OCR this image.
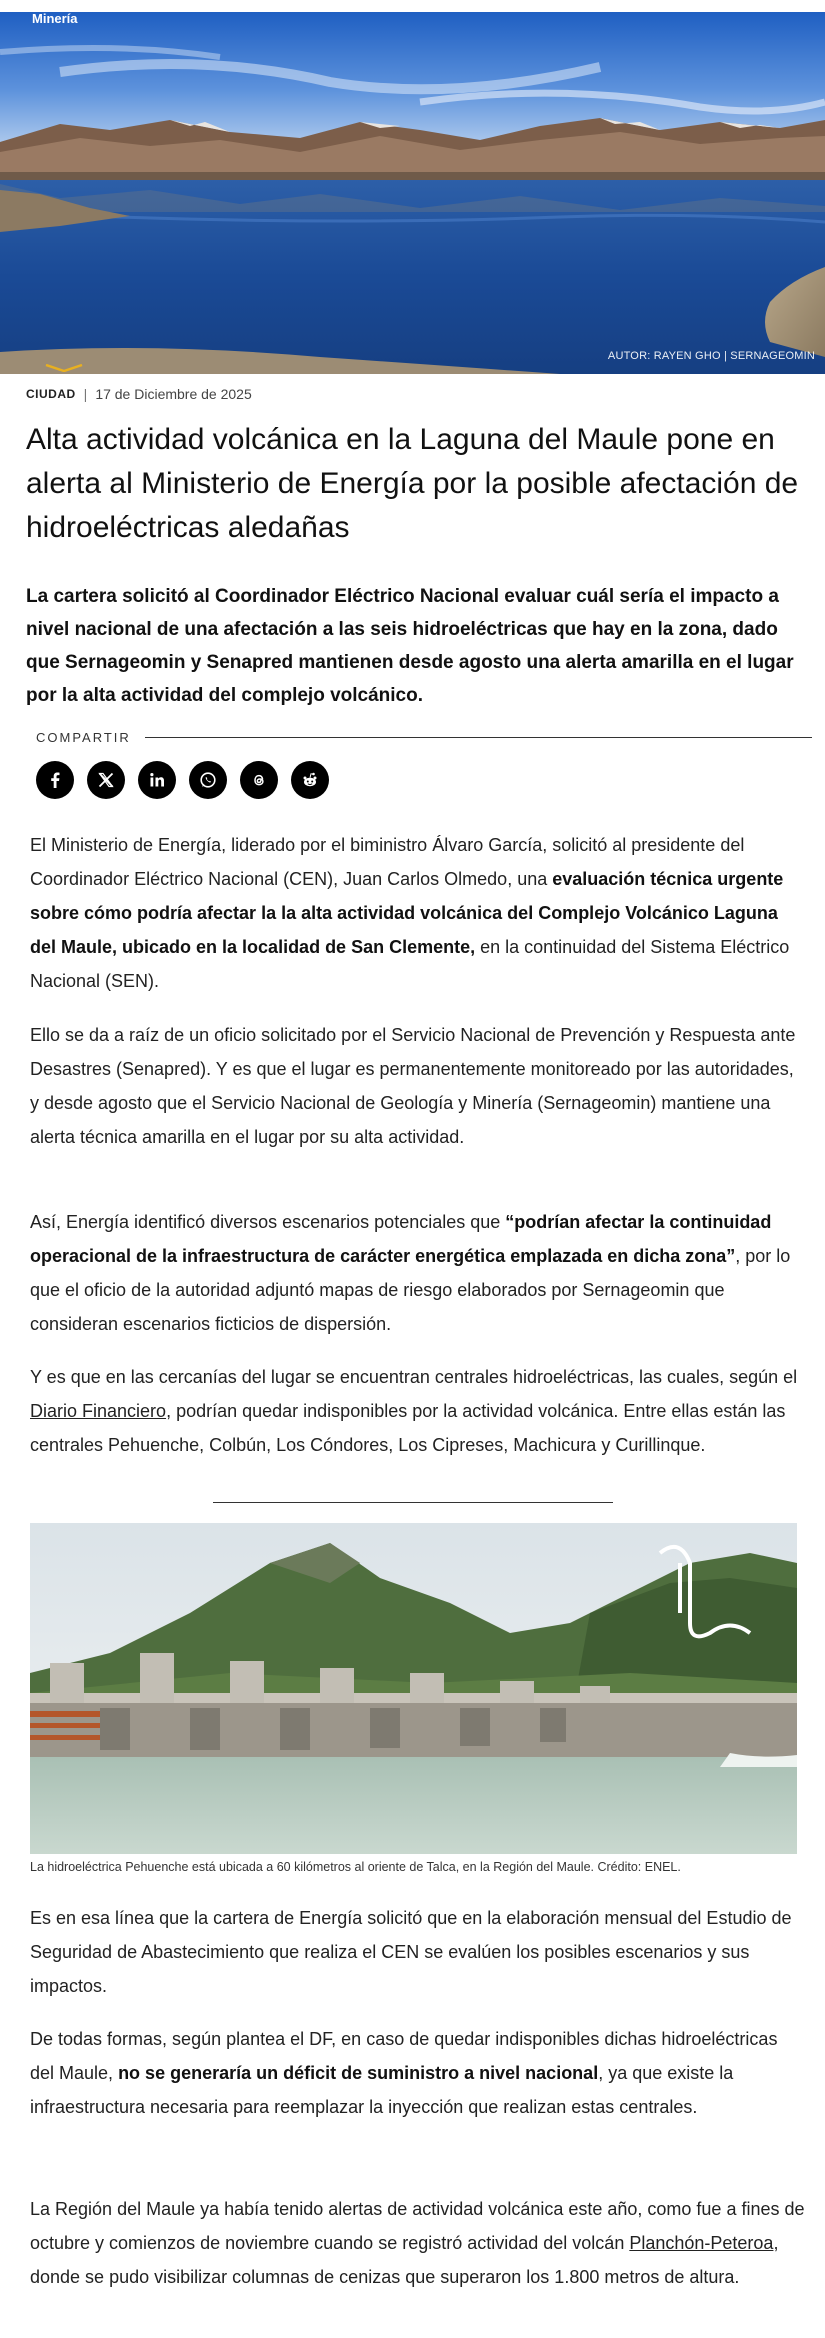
Minería
AUTOR: RAYEN GHO | SERNAGEOMIN
CIUDAD | 17 de Diciembre de 2025
Alta actividad volcánica en la Laguna del Maule pone en alerta al Ministerio de Energía por la posible afectación de hidroeléctricas aledañas

La cartera solicitó al Coordinador Eléctrico Nacional evaluar cuál sería el impacto a nivel nacional de una afectación a las seis hidroeléctricas que hay en la zona, dado que Sernageomin y Senapred mantienen desde agosto una alerta amarilla en el lugar por la alta actividad del complejo volcánico.

COMPARTIR

El Ministerio de Energía, liderado por el biministro Álvaro García, solicitó al presidente del Coordinador Eléctrico Nacional (CEN), Juan Carlos Olmedo, una evaluación técnica urgente sobre cómo podría afectar la la alta actividad volcánica del Complejo Volcánico Laguna del Maule, ubicado en la localidad de San Clemente, en la continuidad del Sistema Eléctrico Nacional (SEN).

Ello se da a raíz de un oficio solicitado por el Servicio Nacional de Prevención y Respuesta ante Desastres (Senapred). Y es que el lugar es permanentemente monitoreado por las autoridades, y desde agosto que el Servicio Nacional de Geología y Minería (Sernageomin) mantiene una alerta técnica amarilla en el lugar por su alta actividad.

Así, Energía identificó diversos escenarios potenciales que “podrían afectar la continuidad operacional de la infraestructura de carácter energética emplazada en dicha zona”, por lo que el oficio de la autoridad adjuntó mapas de riesgo elaborados por Sernageomin que consideran escenarios ficticios de dispersión.

Y es que en las cercanías del lugar se encuentran centrales hidroeléctricas, las cuales, según el Diario Financiero, podrían quedar indisponibles por la actividad volcánica. Entre ellas están las centrales Pehuenche, Colbún, Los Cóndores, Los Cipreses, Machicura y Curillinque.

La hidroeléctrica Pehuenche está ubicada a 60 kilómetros al oriente de Talca, en la Región del Maule. Crédito: ENEL.

Es en esa línea que la cartera de Energía solicitó que en la elaboración mensual del Estudio de Seguridad de Abastecimiento que realiza el CEN se evalúen los posibles escenarios y sus impactos.

De todas formas, según plantea el DF, en caso de quedar indisponibles dichas hidroeléctricas del Maule, no se generaría un déficit de suministro a nivel nacional, ya que existe la infraestructura necesaria para reemplazar la inyección que realizan estas centrales.

La Región del Maule ya había tenido alertas de actividad volcánica este año, como fue a fines de octubre y comienzos de noviembre cuando se registró actividad del volcán Planchón-Peteroa, donde se pudo visibilizar columnas de cenizas que superaron los 1.800 metros de altura.
